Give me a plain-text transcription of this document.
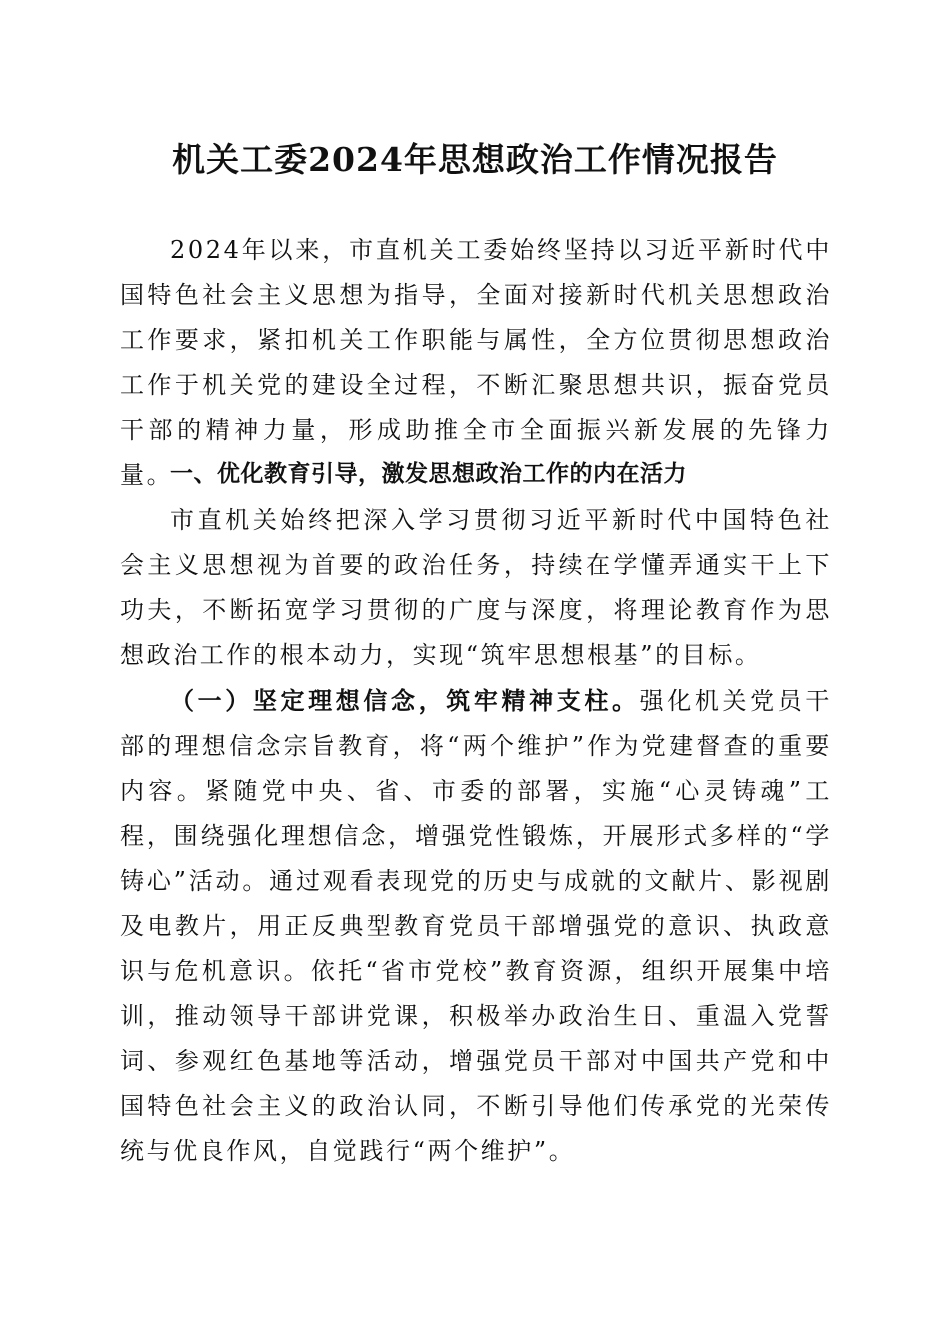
机关工委2024年思想政治工作情况报告

2024年以来，市直机关工委始终坚持以习近平新时代中国特色社会主义思想为指导，全面对接新时代机关思想政治工作要求，紧扣机关工作职能与属性，全方位贯彻思想政治工作于机关党的建设全过程，不断汇聚思想共识，振奋党员干部的精神力量，形成助推全市全面振兴新发展的先锋力量。

一、优化教育引导，激发思想政治工作的内在活力

市直机关始终把深入学习贯彻习近平新时代中国特色社会主义思想视为首要的政治任务，持续在学懂弄通实干上下功夫，不断拓宽学习贯彻的广度与深度，将理论教育作为思想政治工作的根本动力，实现“筑牢思想根基”的目标。

（一）坚定理想信念，筑牢精神支柱。强化机关党员干部的理想信念宗旨教育，将“两个维护”作为党建督查的重要内容。紧随党中央、省、市委的部署，实施“心灵铸魂”工程，围绕强化理想信念，增强党性锻炼，开展形式多样的“学铸心”活动。通过观看表现党的历史与成就的文献片、影视剧及电教片，用正反典型教育党员干部增强党的意识、执政意识与危机意识。依托“省市党校”教育资源，组织开展集中培训，推动领导干部讲党课，积极举办政治生日、重温入党誓词、参观红色基地等活动，增强党员干部对中国共产党和中国特色社会主义的政治认同，不断引导他们传承党的光荣传统与优良作风，自觉践行“两个维护”。
